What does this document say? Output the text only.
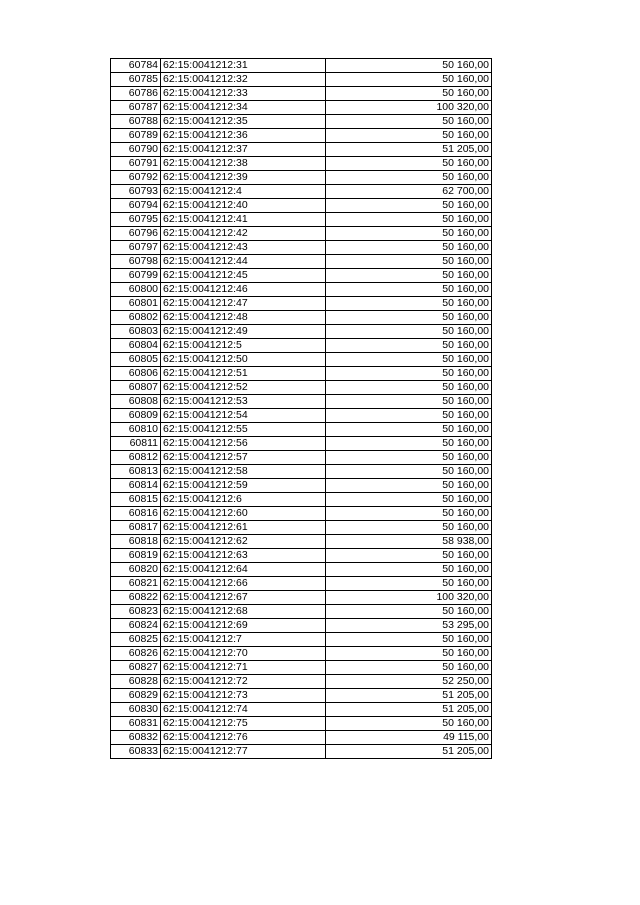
60784	62:15:0041212:31	50 160,00
60785	62:15:0041212:32	50 160,00
60786	62:15:0041212:33	50 160,00
60787	62:15:0041212:34	100 320,00
60788	62:15:0041212:35	50 160,00
60789	62:15:0041212:36	50 160,00
60790	62:15:0041212:37	51 205,00
60791	62:15:0041212:38	50 160,00
60792	62:15:0041212:39	50 160,00
60793	62:15:0041212:4	62 700,00
60794	62:15:0041212:40	50 160,00
60795	62:15:0041212:41	50 160,00
60796	62:15:0041212:42	50 160,00
60797	62:15:0041212:43	50 160,00
60798	62:15:0041212:44	50 160,00
60799	62:15:0041212:45	50 160,00
60800	62:15:0041212:46	50 160,00
60801	62:15:0041212:47	50 160,00
60802	62:15:0041212:48	50 160,00
60803	62:15:0041212:49	50 160,00
60804	62:15:0041212:5	50 160,00
60805	62:15:0041212:50	50 160,00
60806	62:15:0041212:51	50 160,00
60807	62:15:0041212:52	50 160,00
60808	62:15:0041212:53	50 160,00
60809	62:15:0041212:54	50 160,00
60810	62:15:0041212:55	50 160,00
60811	62:15:0041212:56	50 160,00
60812	62:15:0041212:57	50 160,00
60813	62:15:0041212:58	50 160,00
60814	62:15:0041212:59	50 160,00
60815	62:15:0041212:6	50 160,00
60816	62:15:0041212:60	50 160,00
60817	62:15:0041212:61	50 160,00
60818	62:15:0041212:62	58 938,00
60819	62:15:0041212:63	50 160,00
60820	62:15:0041212:64	50 160,00
60821	62:15:0041212:66	50 160,00
60822	62:15:0041212:67	100 320,00
60823	62:15:0041212:68	50 160,00
60824	62:15:0041212:69	53 295,00
60825	62:15:0041212:7	50 160,00
60826	62:15:0041212:70	50 160,00
60827	62:15:0041212:71	50 160,00
60828	62:15:0041212:72	52 250,00
60829	62:15:0041212:73	51 205,00
60830	62:15:0041212:74	51 205,00
60831	62:15:0041212:75	50 160,00
60832	62:15:0041212:76	49 115,00
60833	62:15:0041212:77	51 205,00
